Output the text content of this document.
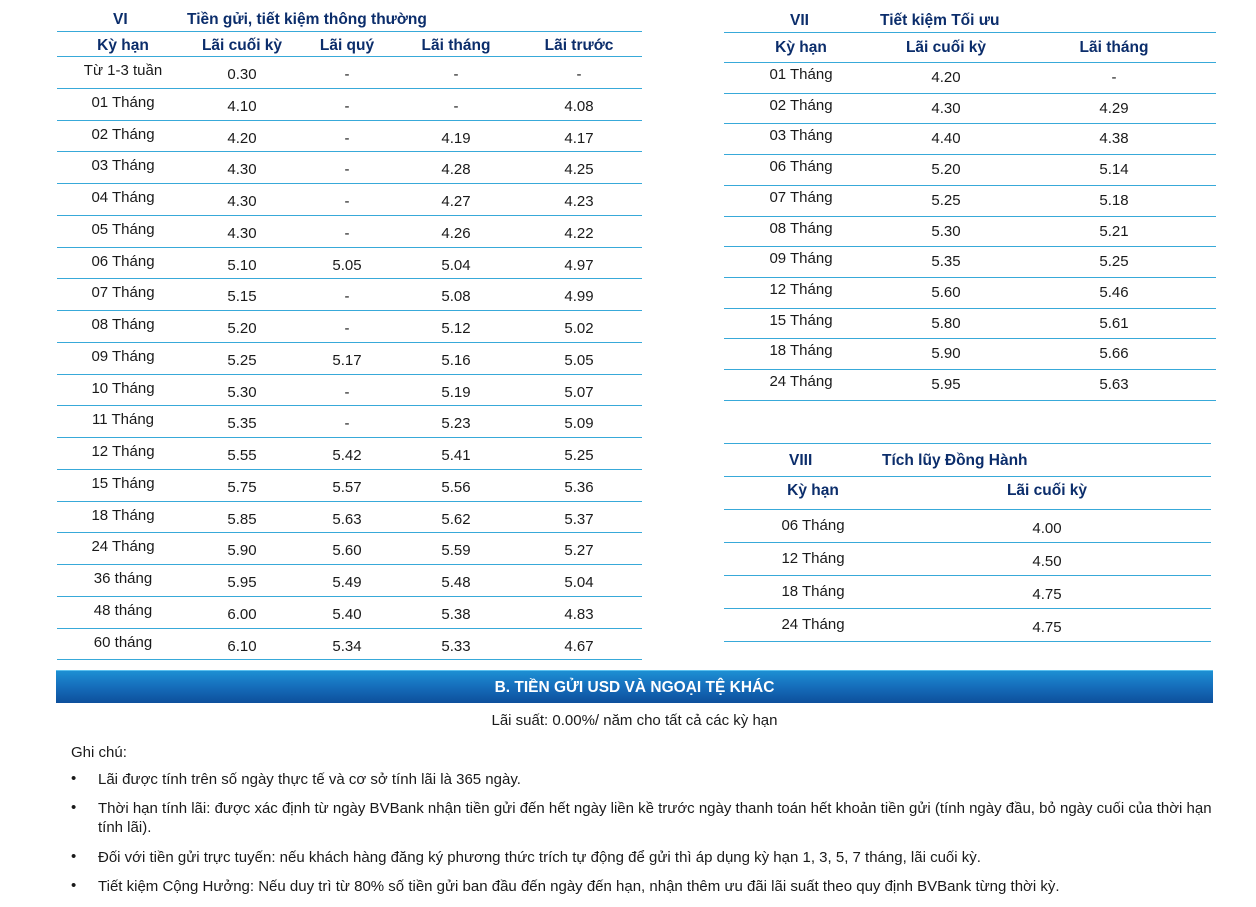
VI	Tiền gửi, tiết kiệm thông thường
Kỳ hạn	Lãi cuối kỳ	Lãi quý	Lãi tháng	Lãi trước
Từ 1-3 tuần	0.30	-	-	-
01 Tháng	4.10	-	-	4.08
02 Tháng	4.20	-	4.19	4.17
03 Tháng	4.30	-	4.28	4.25
04 Tháng	4.30	-	4.27	4.23
05 Tháng	4.30	-	4.26	4.22
06 Tháng	5.10	5.05	5.04	4.97
07 Tháng	5.15	-	5.08	4.99
08 Tháng	5.20	-	5.12	5.02
09 Tháng	5.25	5.17	5.16	5.05
10 Tháng	5.30	-	5.19	5.07
11 Tháng	5.35	-	5.23	5.09
12 Tháng	5.55	5.42	5.41	5.25
15 Tháng	5.75	5.57	5.56	5.36
18 Tháng	5.85	5.63	5.62	5.37
24 Tháng	5.90	5.60	5.59	5.27
36 tháng	5.95	5.49	5.48	5.04
48 tháng	6.00	5.40	5.38	4.83
60 tháng	6.10	5.34	5.33	4.67
VII	Tiết kiệm Tối ưu
Kỳ hạn	Lãi cuối kỳ	Lãi tháng
01 Tháng	4.20	-
02 Tháng	4.30	4.29
03 Tháng	4.40	4.38
06 Tháng	5.20	5.14
07 Tháng	5.25	5.18
08 Tháng	5.30	5.21
09 Tháng	5.35	5.25
12 Tháng	5.60	5.46
15 Tháng	5.80	5.61
18 Tháng	5.90	5.66
24 Tháng	5.95	5.63
VIII	Tích lũy Đồng Hành
Kỳ hạn	Lãi cuối kỳ
06 Tháng	4.00
12 Tháng	4.50
18 Tháng	4.75
24 Tháng	4.75
B. TIỀN GỬI USD VÀ NGOẠI TỆ KHÁC
Lãi suất: 0.00%/ năm cho tất cả các kỳ hạn
Ghi chú:
• Lãi được tính trên số ngày thực tế và cơ sở tính lãi là 365 ngày.
• Thời hạn tính lãi: được xác định từ ngày BVBank nhận tiền gửi đến hết ngày liền kề trước ngày thanh toán hết khoản tiền gửi (tính ngày đầu, bỏ ngày cuối của thời hạn tính lãi).
• Đối với tiền gửi trực tuyến: nếu khách hàng đăng ký phương thức trích tự động để gửi thì áp dụng kỳ hạn 1, 3, 5, 7 tháng, lãi cuối kỳ.
• Tiết kiệm Cộng Hưởng: Nếu duy trì từ 80% số tiền gửi ban đầu đến ngày đến hạn, nhận thêm ưu đãi lãi suất theo quy định BVBank từng thời kỳ.
